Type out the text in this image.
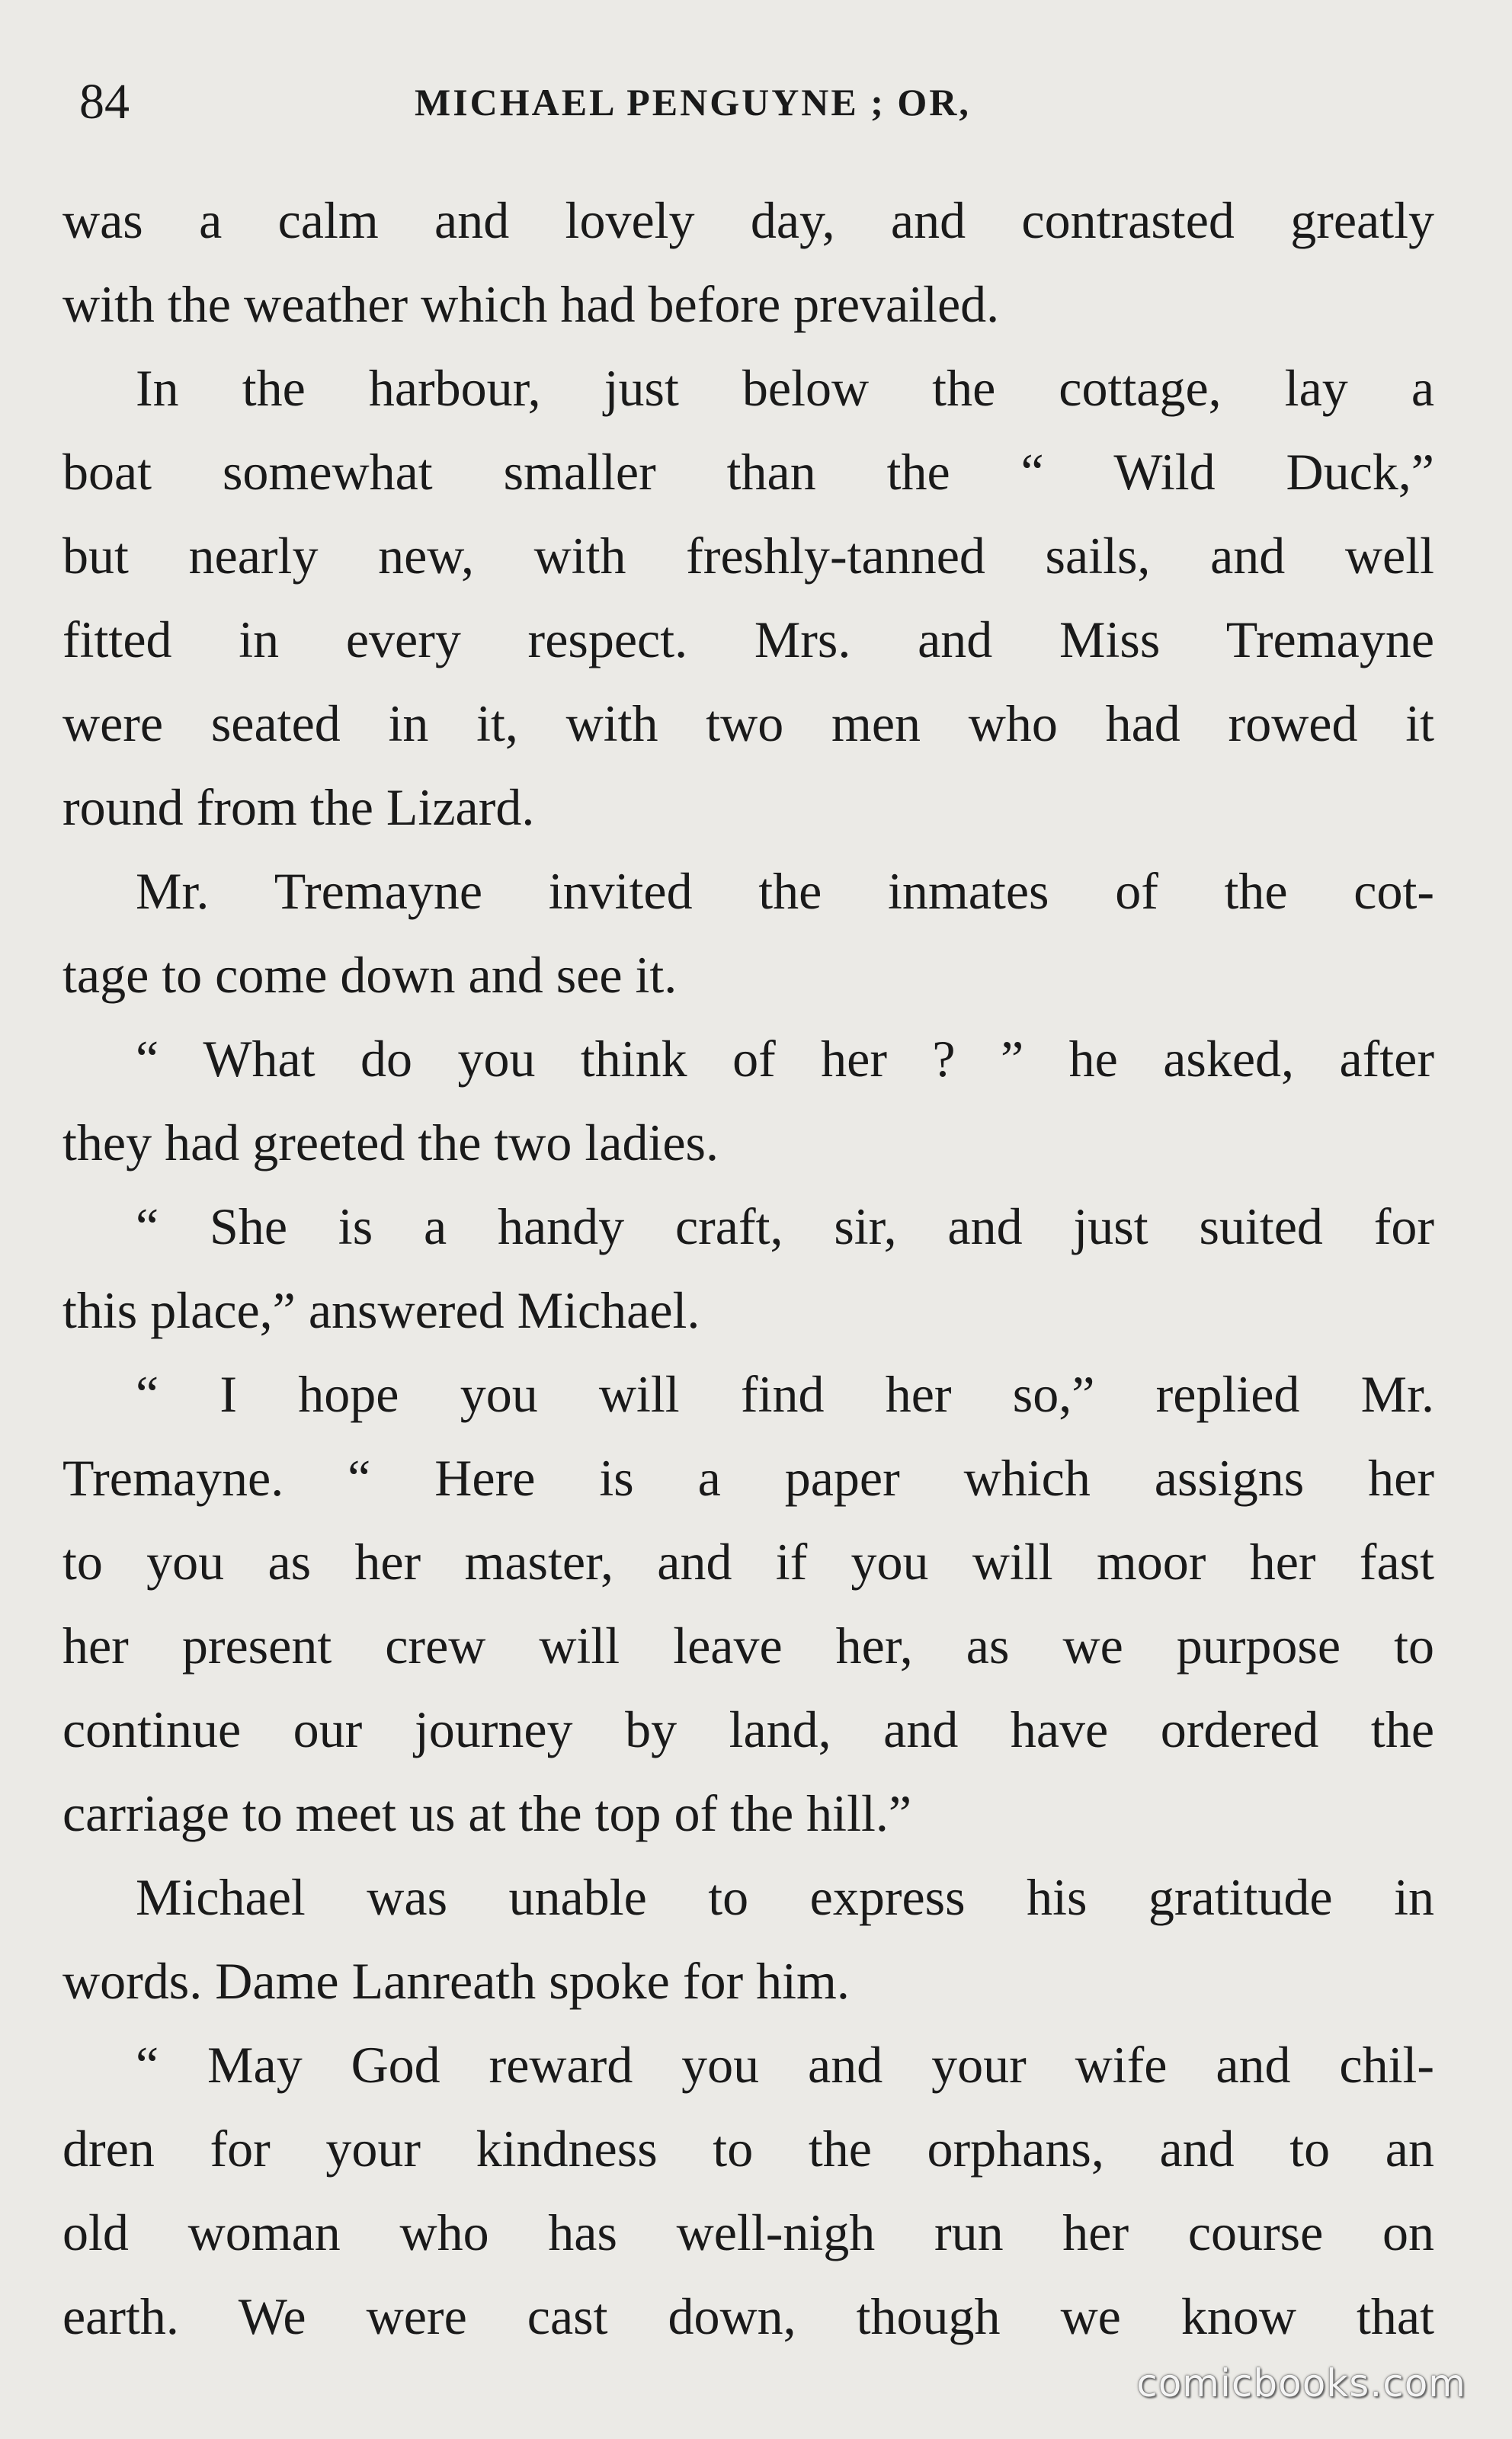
84	MICHAEL PENGUYNE ; OR,

was a calm and lovely day, and contrasted greatly
with the weather which had before prevailed.

In the harbour, just below the cottage, lay a
boat somewhat smaller than the “ Wild Duck,”
but nearly new, with freshly-tanned sails, and well
fitted in every respect. Mrs. and Miss Tremayne
were seated in it, with two men who had rowed it
round from the Lizard.

Mr. Tremayne invited the inmates of the cot-
tage to come down and see it.

“ What do you think of her ? ” he asked, after
they had greeted the two ladies.

“ She is a handy craft, sir, and just suited for
this place,” answered Michael.

“ I hope you will find her so,” replied Mr.
Tremayne. “ Here is a paper which assigns her
to you as her master, and if you will moor her fast
her present crew will leave her, as we purpose to
continue our journey by land, and have ordered the
carriage to meet us at the top of the hill.”

Michael was unable to express his gratitude in
words. Dame Lanreath spoke for him.

“ May God reward you and your wife and chil-
dren for your kindness to the orphans, and to an
old woman who has well-nigh run her course on
earth. We were cast down, though we know that

comicbooks.com
